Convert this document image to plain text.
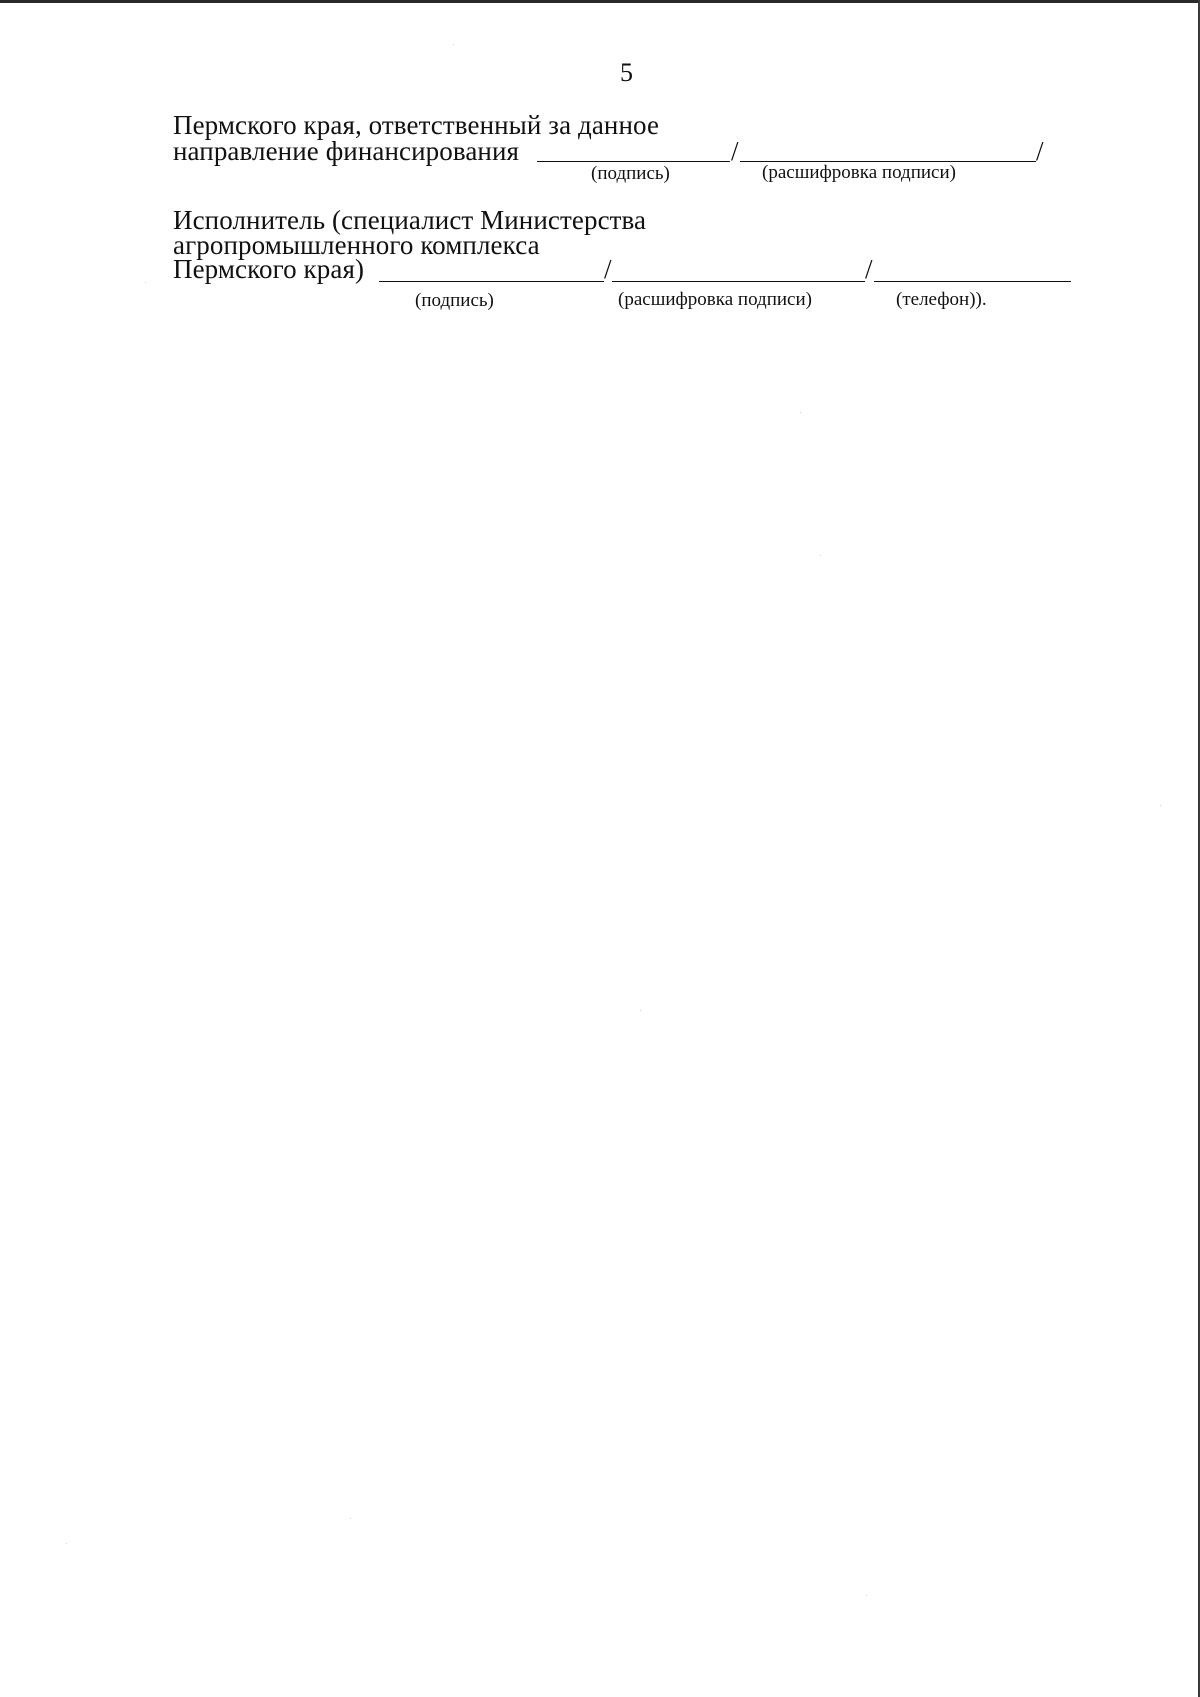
5
Пермского края, ответственный за данное
направление финансирования	/	/
(подпись)	(расшифровка подписи)
Исполнитель (специалист Министерства
агропромышленного комплекса
Пермского края)	/	/
(подпись)	(расшифровка подписи)	(телефон)).
